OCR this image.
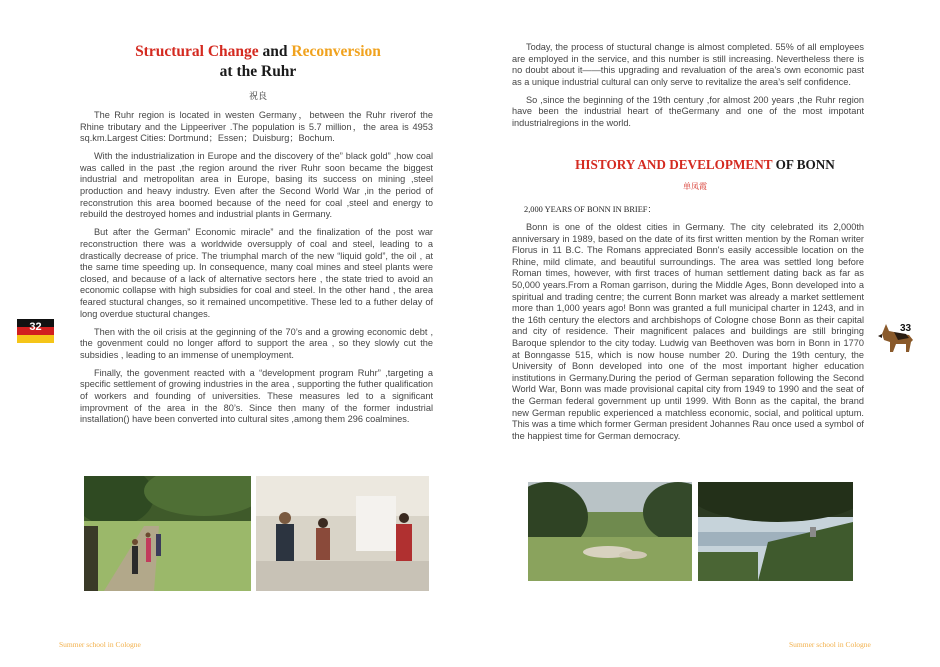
Structural Change and Reconversion
at the Ruhr
祝良

The Ruhr region is located in westen Germany，between the Ruhr riverof the Rhine tributary and the Lippeeriver .The population is 5.7 million，the area is 4953 sq.km.Largest Cities: Dortmund；Essen；Duisburg；Bochum.

With the industrialization in Europe and the discovery of the” black gold” ,how coal was called in the past ,the region around the river Ruhr soon became the biggest industrial and metropolitan area in Europe, basing its success on mining ,steel production and heavy industry. Even after the Second World War ,in the period of reconstrution this area boomed because of the need for coal ,steel and energy to rebuild the destroyed homes and industrial plants in Germany.

But after the German” Economic miracle” and the finalization of the post war reconstruction there was a worldwide oversupply of coal and steel, leading to a drastically decrease of price. The triumphal march of the new “liquid gold”, the oil , at the same time speeding up. In consequence, many coal mines and steel plants were closed, and because of a lack of alternative sectors here , the state tried to avoid an economic collapse with high subsidies for coal and steel. In the other hand , the area feared stuctural changes, so it remained uncompetitive. These led to a futher delay of long overdue stuctural changes.

Then with the oil crisis at the geginning of the 70’s and a growing economic debt , the govenment could no longer afford to support the area , so they slowly cut the subsidies , leading to an immense of unemployment.

Finally, the govenment reacted with a “development program Ruhr” ,targeting a specific settlement of growing industries in the area , supporting the futher qualification of workers and founding of universities. These measures led to a significant improvment of the area in the 80’s. Since then many of the former industrial installation() have been converted into cultural sites ,among them 296 coalmines.

32
Summer school in Cologne

Today, the process of stuctural change is almost completed. 55% of all employees are employed in the service, and this number is still increasing. Nevertheless there is no doubt about it——this upgrading and revaluation of the area’s own economic past as a unique industrial cultural can only serve to revitalize the area’s self confidence.

So ,since the beginning of the 19th century ,for almost 200 years ,the Ruhr region have been the industrial heart of theGermany and one of the most impotant industrialregions in the world.

HISTORY AND DEVELOPMENT OF BONN
单凤霞
2,000 YEARS OF BONN IN BRIEF：

Bonn is one of the oldest cities in Germany. The city celebrated its 2,000th anniversary in 1989, based on the date of its first written mention by the Roman writer Florus in 11 B.C. The Romans appreciated Bonn's easily accessible location on the Rhine, mild climate, and beautiful surroundings. The area was settled long before Roman times, however, with first traces of human settlement dating back as far as 50,000 years.From a Roman garrison, during the Middle Ages, Bonn developed into a spiritual and trading centre; the current Bonn market was already a market settlement more than 1,000 years ago! Bonn was granted a full municipal charter in 1243, and in the 16th century the electors and archbishops of Cologne chose Bonn as their capital and city of residence. Their magnificent palaces and buildings are still bringing Baroque splendor to the city today. Ludwig van Beethoven was born in Bonn in 1770 at Bonngasse 515, which is now house number 20. During the 19th century, the University of Bonn developed into one of the most important higher education institutions in Germany.During the period of German separation following the Second World War, Bonn was made provisional capital city from 1949 to 1990 and the seat of the German federal government up until 1999. With Bonn as the capital, the brand new German republic experienced a matchless economic, social, and political uptum. This was a time which former German president Johannes Rau once used a symbol of the happiest time for German democracy.

33
Summer school in Cologne
